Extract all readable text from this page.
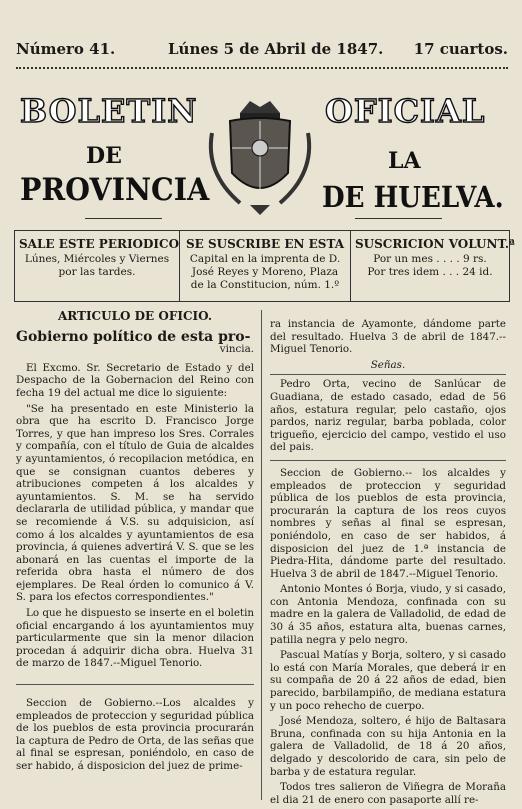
Número 41.	Lúnes 5 de Abril de 1847. 17 cuartos.
BOLETIN	OFICIAL
DE	LA
PROVINCIA	DE HUELVA.
SALE ESTE PERIODICO

Lúnes, Miércoles y Viernes por las tardes.

SE SUSCRIBE EN ESTA

Capital en la imprenta de D. José Reyes y Moreno, Plaza de la Constitucion, núm. 1.º

SUSCRICION VOLUNT.ª

Por un mes . . . . 9 rs.

Por tres idem . . . 24 id.

ARTICULO DE OFICIO.

Gobierno político de esta pro-

vincia.

El Excmo. Sr. Secretario de Estado y del Despacho de la Gobernacion del Reino con fecha 19 del actual me dice lo siguiente:

"Se ha presentado en este Ministerio la obra que ha escrito D. Francisco Jorge Torres, y que han impreso los Sres. Corrales y compañía, con el título de Guia de alcaldes y ayuntamientos, ó recopilacion metódica, en que se consignan cuantos deberes y atribuciones competen á los alcaldes y ayuntamientos. S. M. se ha servido declararla de utilidad pública, y mandar que se recomiende á V.S. su adquisicion, así como á los alcaldes y ayuntamientos de esa provincia, á quienes advertirá V. S. que se les abonará en las cuentas el importe de la referida obra hasta el número de dos ejemplares. De Real órden lo comunico á V. S. para los efectos correspondientes."

Lo que he dispuesto se inserte en el boletin oficial encargando á los ayuntamientos muy particularmente que sin la menor dilacion procedan á adquirir dicha obra. Huelva 31 de marzo de 1847.--Miguel Tenorio.

Seccion de Gobierno.--Los alcaldes y empleados de proteccion y seguridad pública de los pueblos de esta provincia procurarán la captura de Pedro de Orta, de las señas que al final se espresan, poniéndolo, en caso de ser habido, á disposicion del juez de prime-

ra instancia de Ayamonte, dándome parte del resultado. Huelva 3 de abril de 1847.--Miguel Tenorio.

Señas.

Pedro Orta, vecino de Sanlúcar de Guadiana, de estado casado, edad de 56 años, estatura regular, pelo castaño, ojos pardos, nariz regular, barba poblada, color trigueño, ejercicio del campo, vestido el uso del pais.

Seccion de Gobierno.-- los alcaldes y empleados de proteccion y seguridad pública de los pueblos de esta provincia, procurarán la captura de los reos cuyos nombres y señas al final se espresan, poniéndolo, en caso de ser habidos, á disposicion del juez de 1.ª instancia de Piedra-Hita, dándome parte del resultado. Huelva 3 de abril de 1847.--Miguel Tenorio.

Antonio Montes ó Borja, viudo, y si casado, con Antonia Mendoza, confinada con su madre en la galera de Valladolid, de edad de 30 á 35 años, estatura alta, buenas carnes, patilla negra y pelo negro.

Pascual Matías y Borja, soltero, y si casado lo está con María Morales, que deberá ir en su compaña de 20 á 22 años de edad, bien parecido, barbilampiño, de mediana estatura y un poco rehecho de cuerpo.

José Mendoza, soltero, é hijo de Baltasara Bruna, confinada con su hija Antonia en la galera de Valladolid, de 18 á 20 años, delgado y descolorido de cara, sin pelo de barba y de estatura regular.

Todos tres salieron de Viñegra de Moraña el dia 21 de enero con pasaporte allí re-
